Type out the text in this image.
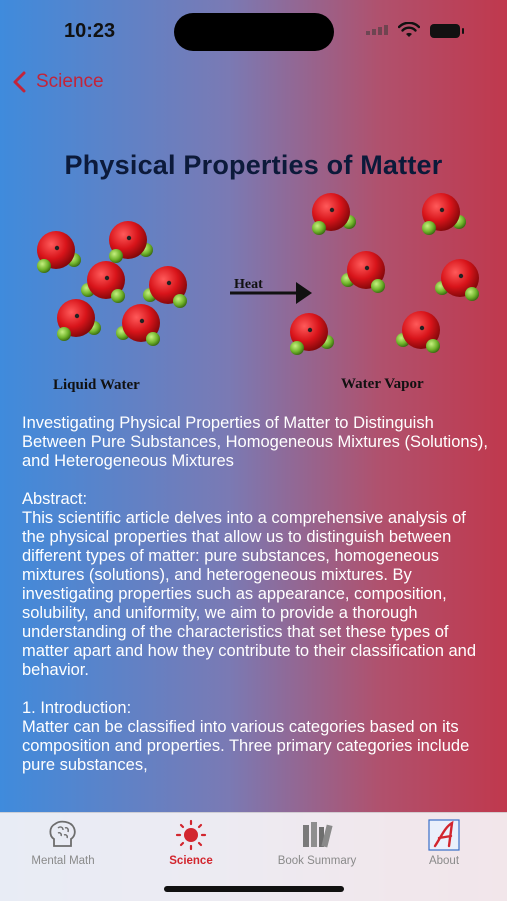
10:23
Science
Physical Properties of Matter
Liquid Water	Water Vapor
Heat

Investigating Physical Properties of Matter to Distinguish Between Pure Substances, Homogeneous Mixtures (Solutions), and Heterogeneous Mixtures

Abstract:
This scientific article delves into a comprehensive analysis of the physical properties that allow us to distinguish between different types of matter: pure substances, homogeneous mixtures (solutions), and heterogeneous mixtures. By investigating properties such as appearance, composition, solubility, and uniformity, we aim to provide a thorough understanding of the characteristics that set these types of matter apart and how they contribute to their classification and behavior.

1. Introduction:
Matter can be classified into various categories based on its composition and properties. Three primary categories include pure substances,

Mental Math	Science	Book Summary	About
